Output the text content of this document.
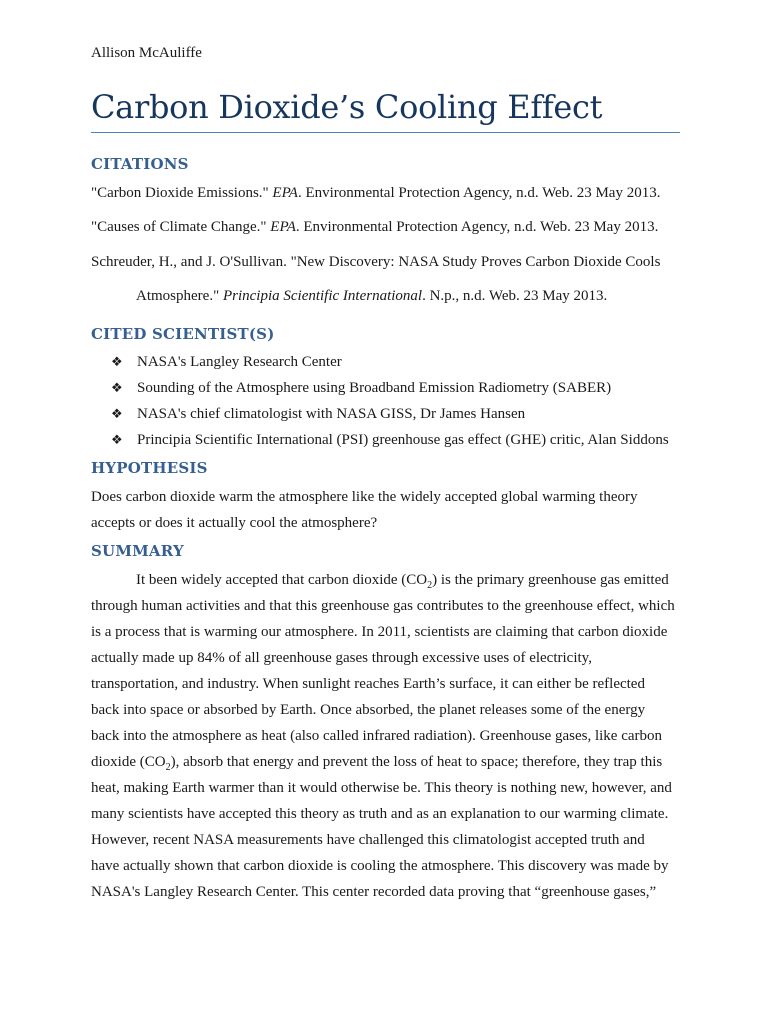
Allison McAuliffe
Carbon Dioxide’s Cooling Effect
CITATIONS
"Carbon Dioxide Emissions." EPA. Environmental Protection Agency, n.d. Web. 23 May 2013.
"Causes of Climate Change." EPA. Environmental Protection Agency, n.d. Web. 23 May 2013.
Schreuder, H., and J. O'Sullivan. "New Discovery: NASA Study Proves Carbon Dioxide Cools
Atmosphere." Principia Scientific International. N.p., n.d. Web. 23 May 2013.
CITED SCIENTIST(S)
❖ NASA's Langley Research Center
❖ Sounding of the Atmosphere using Broadband Emission Radiometry (SABER)
❖ NASA's chief climatologist with NASA GISS, Dr James Hansen
❖ Principia Scientific International (PSI) greenhouse gas effect (GHE) critic, Alan Siddons
HYPOTHESIS
Does carbon dioxide warm the atmosphere like the widely accepted global warming theory
accepts or does it actually cool the atmosphere?
SUMMARY
It been widely accepted that carbon dioxide $(CO_2)$ is the primary greenhouse gas emitted
through human activities and that this greenhouse gas contributes to the greenhouse effect, which
is a process that is warming our atmosphere. In 2011, scientists are claiming that carbon dioxide
actually made up 84% of all greenhouse gases through excessive uses of electricity,
transportation, and industry. When sunlight reaches Earth’s surface, it can either be reflected
back into space or absorbed by Earth. Once absorbed, the planet releases some of the energy
back into the atmosphere as heat (also called infrared radiation). Greenhouse gases, like carbon
dioxide $(CO_2)$, absorb that energy and prevent the loss of heat to space; therefore, they trap this
heat, making Earth warmer than it would otherwise be. This theory is nothing new, however, and
many scientists have accepted this theory as truth and as an explanation to our warming climate.
However, recent NASA measurements have challenged this climatologist accepted truth and
have actually shown that carbon dioxide is cooling the atmosphere. This discovery was made by
NASA's Langley Research Center. This center recorded data proving that “greenhouse gases,”
